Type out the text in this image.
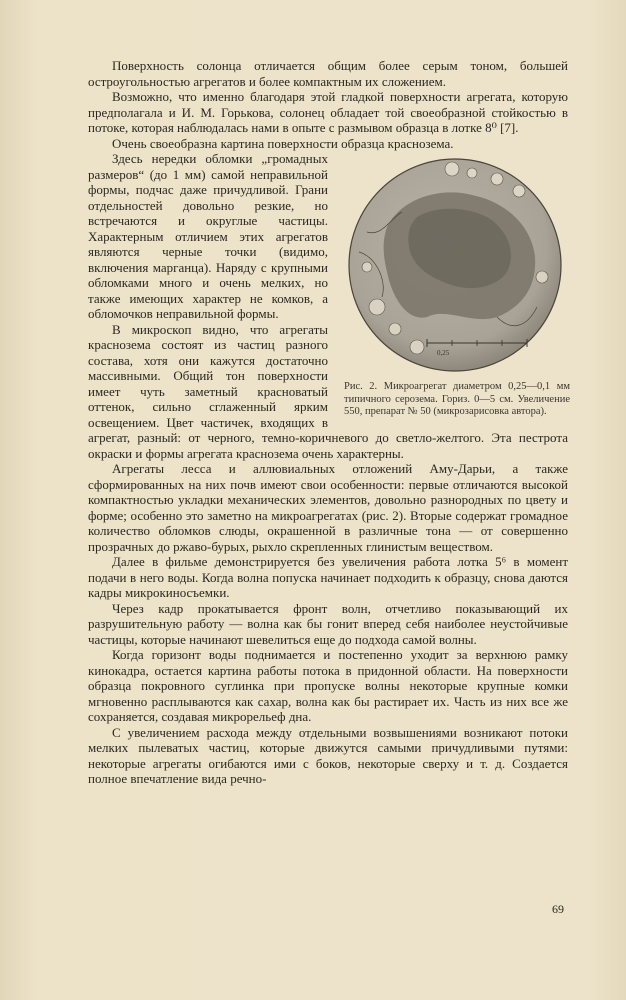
Поверхность солонца отличается общим более серым тоном, большей остроугольностью агрегатов и более компактным их сложением.

Возможно, что именно благодаря этой гладкой поверхности агрегата, которую предполагала и И. М. Горькова, солонец обладает той своеобразной стойкостью в потоке, которая наблюдалась нами в опыте с размывом образца в лотке 8⁰ [7].

Очень своеобразна картина поверхности образца краснозема.

0,25
Рис. 2. Микроагрегат диаметром 0,25—0,1 мм типичного серозема. Гориз. 0—5 см. Увеличение 550, препарат № 50 (микрозарисовка автора).

Здесь нередки обломки „громадных размеров“ (до 1 мм) самой неправильной формы, подчас даже причудливой. Грани отдельностей довольно резкие, но встречаются и округлые частицы. Характерным отличием этих агрегатов являются черные точки (видимо, включения марганца). Наряду с крупными обломками много и очень мелких, но также имеющих характер не комков, а обломочков неправильной формы.

В микроскоп видно, что агрегаты краснозема состоят из частиц разного состава, хотя они кажутся достаточно массивными. Общий тон поверхности имеет чуть заметный красноватый оттенок, сильно сглаженный ярким освещением. Цвет частичек, входящих в агрегат, разный: от черного, темно-коричневого до светло-желтого. Эта пестрота окраски и формы агрегата краснозема очень характерны.

Агрегаты лесса и аллювиальных отложений Аму-Дарьи, а также сформированных на них почв имеют свои особенности: первые отличаются высокой компактностью укладки механических элементов, довольно разнородных по цвету и форме; особенно это заметно на микроагрегатах (рис. 2). Вторые содержат громадное количество обломков слюды, окрашенной в различные тона — от совершенно прозрачных до ржаво-бурых, рыхло скрепленных глинистым веществом.

Далее в фильме демонстрируется без увеличения работа лотка 5⁶ в момент подачи в него воды. Когда волна попуска начинает подходить к образцу, снова даются кадры микрокиносъемки.

Через кадр прокатывается фронт волн, отчетливо показывающий их разрушительную работу — волна как бы гонит вперед себя наиболее неустойчивые частицы, которые начинают шевелиться еще до подхода самой волны.

Когда горизонт воды поднимается и постепенно уходит за верхнюю рамку кинокадра, остается картина работы потока в придонной области. На поверхности образца покровного суглинка при пропуске волны некоторые крупные комки мгновенно расплываются как сахар, волна как бы растирает их. Часть из них все же сохраняется, создавая микрорельеф дна.

С увеличением расхода между отдельными возвышениями возникают потоки мелких пылеватых частиц, которые движутся самыми причудливыми путями: некоторые агрегаты огибаются ими с боков, некоторые сверху и т. д. Создается полное впечатление вида речно-

69
